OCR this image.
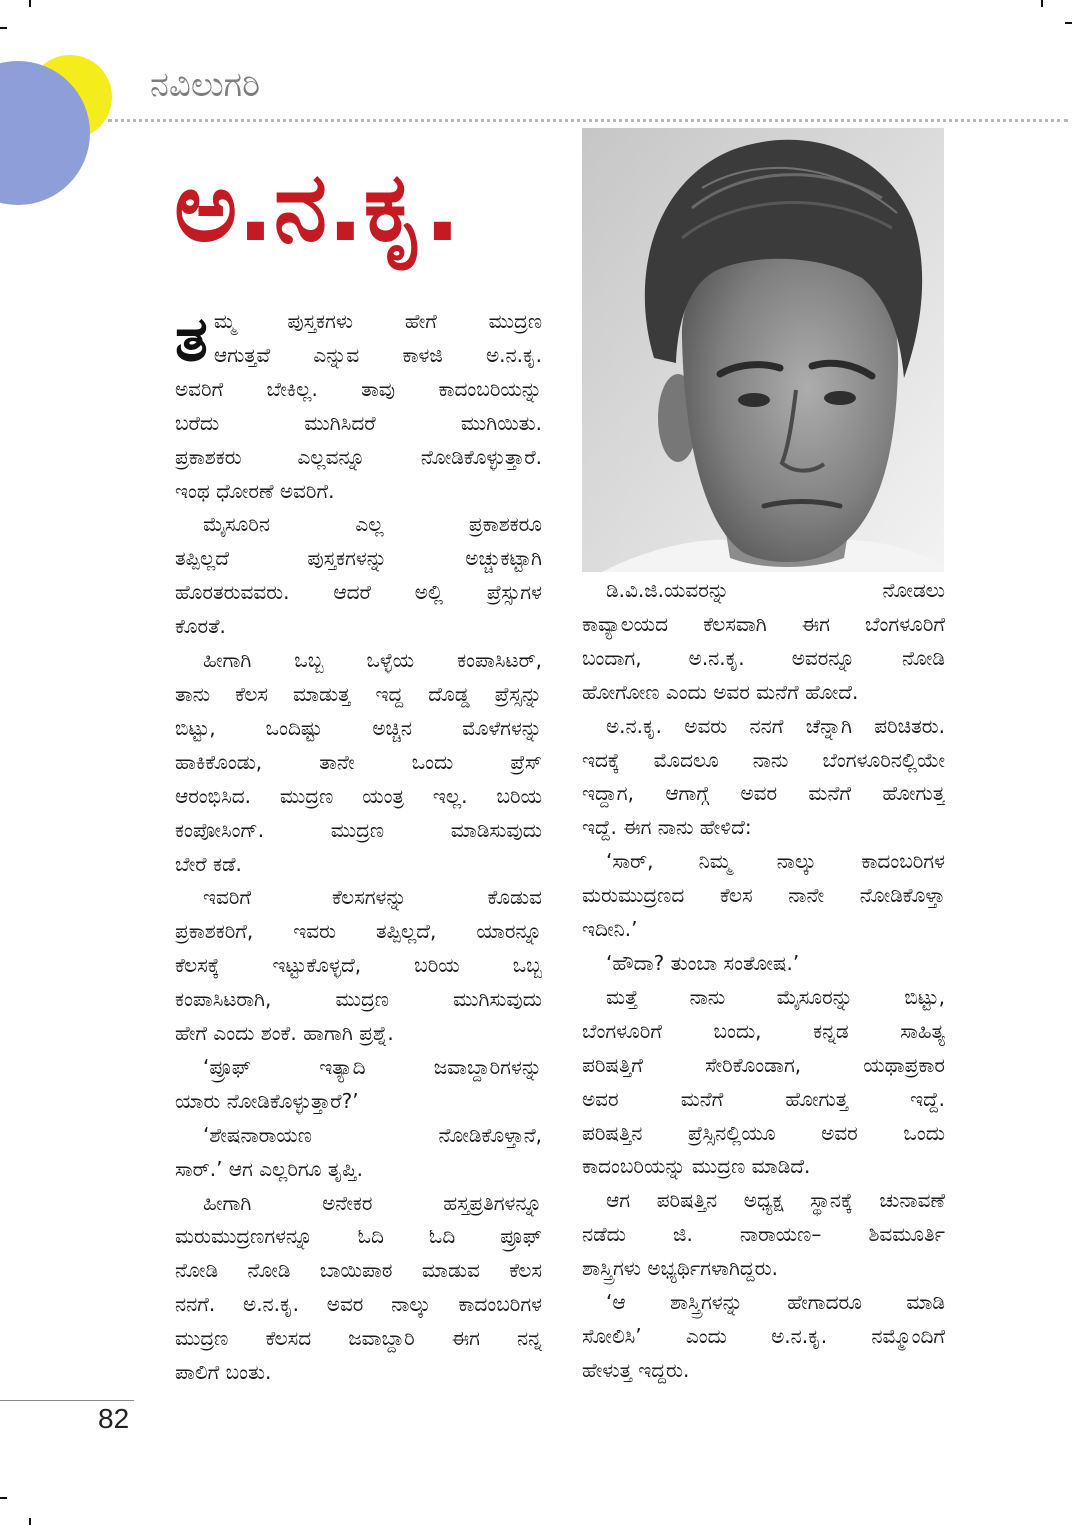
ನವಿಲುಗರಿ
ಅ.ನ.ಕೃ.
ತ ಮ್ಮ ಪುಸ್ತಕಗಳು ಹೇಗೆ ಮುದ್ರಣ
ಆಗುತ್ತವೆ ಎನ್ನುವ ಕಾಳಜಿ ಅ.ನ.ಕೃ.
ಅವರಿಗೆ ಬೇಕಿಲ್ಲ. ತಾವು ಕಾದಂಬರಿಯನ್ನು
ಬರೆದು ಮುಗಿಸಿದರೆ ಮುಗಿಯಿತು.
ಪ್ರಕಾಶಕರು ಎಲ್ಲವನ್ನೂ ನೋಡಿಕೊಳ್ಳುತ್ತಾರೆ.
ಇಂಥ ಧೋರಣೆ ಅವರಿಗೆ.
ಮೈಸೂರಿನ ಎಲ್ಲ ಪ್ರಕಾಶಕರೂ
ತಪ್ಪಿಲ್ಲದೆ ಪುಸ್ತಕಗಳನ್ನು ಅಚ್ಚುಕಟ್ಟಾಗಿ
ಹೊರತರುವವರು. ಆದರೆ ಅಲ್ಲಿ ಪ್ರೆಸ್ಸುಗಳ
ಕೊರತೆ.
ಹೀಗಾಗಿ ಒಬ್ಬ ಒಳ್ಳೆಯ ಕಂಪಾಸಿಟರ್,
ತಾನು ಕೆಲಸ ಮಾಡುತ್ತ ಇದ್ದ ದೊಡ್ಡ ಪ್ರೆಸ್ಸನ್ನು
ಬಿಟ್ಟು, ಒಂದಿಷ್ಟು ಅಚ್ಚಿನ ಮೊಳೆಗಳನ್ನು
ಹಾಕಿಕೊಂಡು, ತಾನೇ ಒಂದು ಪ್ರೆಸ್
ಆರಂಭಿಸಿದ. ಮುದ್ರಣ ಯಂತ್ರ ಇಲ್ಲ. ಬರಿಯ
ಕಂಪೋಸಿಂಗ್. ಮುದ್ರಣ ಮಾಡಿಸುವುದು
ಬೇರೆ ಕಡೆ.
ಇವರಿಗೆ ಕೆಲಸಗಳನ್ನು ಕೊಡುವ
ಪ್ರಕಾಶಕರಿಗೆ, ಇವರು ತಪ್ಪಿಲ್ಲದೆ, ಯಾರನ್ನೂ
ಕೆಲಸಕ್ಕೆ ಇಟ್ಟುಕೊಳ್ಳದೆ, ಬರಿಯ ಒಬ್ಬ
ಕಂಪಾಸಿಟರಾಗಿ, ಮುದ್ರಣ ಮುಗಿಸುವುದು
ಹೇಗೆ ಎಂದು ಶಂಕೆ. ಹಾಗಾಗಿ ಪ್ರಶ್ನೆ.
‘ಪ್ರೂಫ್ ಇತ್ಯಾದಿ ಜವಾಬ್ದಾರಿಗಳನ್ನು
ಯಾರು ನೋಡಿಕೊಳ್ಳುತ್ತಾರೆ?’
‘ಶೇಷನಾರಾಯಣ ನೋಡಿಕೊಳ್ತಾನೆ,
ಸಾರ್.’ ಆಗ ಎಲ್ಲರಿಗೂ ತೃಪ್ತಿ.
ಹೀಗಾಗಿ ಅನೇಕರ ಹಸ್ತಪ್ರತಿಗಳನ್ನೂ
ಮರುಮುದ್ರಣಗಳನ್ನೂ ಓದಿ ಓದಿ ಪ್ರೂಫ್
ನೋಡಿ ನೋಡಿ ಬಾಯಿಪಾಠ ಮಾಡುವ ಕೆಲಸ
ನನಗೆ. ಅ.ನ.ಕೃ. ಅವರ ನಾಲ್ಕು ಕಾದಂಬರಿಗಳ
ಮುದ್ರಣ ಕೆಲಸದ ಜವಾಬ್ದಾರಿ ಈಗ ನನ್ನ
ಪಾಲಿಗೆ ಬಂತು.
ಡಿ.ವಿ.ಜಿ.ಯವರನ್ನು ನೋಡಲು
ಕಾವ್ಯಾಲಯದ ಕೆಲಸವಾಗಿ ಈಗ ಬೆಂಗಳೂರಿಗೆ
ಬಂದಾಗ, ಅ.ನ.ಕೃ. ಅವರನ್ನೂ ನೋಡಿ
ಹೋಗೋಣ ಎಂದು ಅವರ ಮನೆಗೆ ಹೋದೆ.
ಅ.ನ.ಕೃ. ಅವರು ನನಗೆ ಚೆನ್ನಾಗಿ ಪರಿಚಿತರು.
ಇದಕ್ಕೆ ಮೊದಲೂ ನಾನು ಬೆಂಗಳೂರಿನಲ್ಲಿಯೇ
ಇದ್ದಾಗ, ಆಗಾಗ್ಗೆ ಅವರ ಮನೆಗೆ ಹೋಗುತ್ತ
ಇದ್ದೆ. ಈಗ ನಾನು ಹೇಳಿದೆ:
‘ಸಾರ್, ನಿಮ್ಮ ನಾಲ್ಕು ಕಾದಂಬರಿಗಳ
ಮರುಮುದ್ರಣದ ಕೆಲಸ ನಾನೇ ನೋಡಿಕೊಳ್ತಾ
ಇದೀನಿ.’
‘ಹೌದಾ? ತುಂಬಾ ಸಂತೋಷ.’
ಮತ್ತೆ ನಾನು ಮೈಸೂರನ್ನು ಬಿಟ್ಟು,
ಬೆಂಗಳೂರಿಗೆ ಬಂದು, ಕನ್ನಡ ಸಾಹಿತ್ಯ
ಪರಿಷತ್ತಿಗೆ ಸೇರಿಕೊಂಡಾಗ, ಯಥಾಪ್ರಕಾರ
ಅವರ ಮನೆಗೆ ಹೋಗುತ್ತ ಇದ್ದೆ.
ಪರಿಷತ್ತಿನ ಪ್ರೆಸ್ಸಿನಲ್ಲಿಯೂ ಅವರ ಒಂದು
ಕಾದಂಬರಿಯನ್ನು ಮುದ್ರಣ ಮಾಡಿದೆ.
ಆಗ ಪರಿಷತ್ತಿನ ಅಧ್ಯಕ್ಷ ಸ್ಥಾನಕ್ಕೆ ಚುನಾವಣೆ
ನಡೆದು ಜಿ. ನಾರಾಯಣ– ಶಿವಮೂರ್ತಿ
ಶಾಸ್ತ್ರಿಗಳು ಅಭ್ಯರ್ಥಿಗಳಾಗಿದ್ದರು.
‘ಆ ಶಾಸ್ತ್ರಿಗಳನ್ನು ಹೇಗಾದರೂ ಮಾಡಿ
ಸೋಲಿಸಿ’ ಎಂದು ಅ.ನ.ಕೃ. ನಮ್ಮೊಂದಿಗೆ
ಹೇಳುತ್ತ ಇದ್ದರು.
82
